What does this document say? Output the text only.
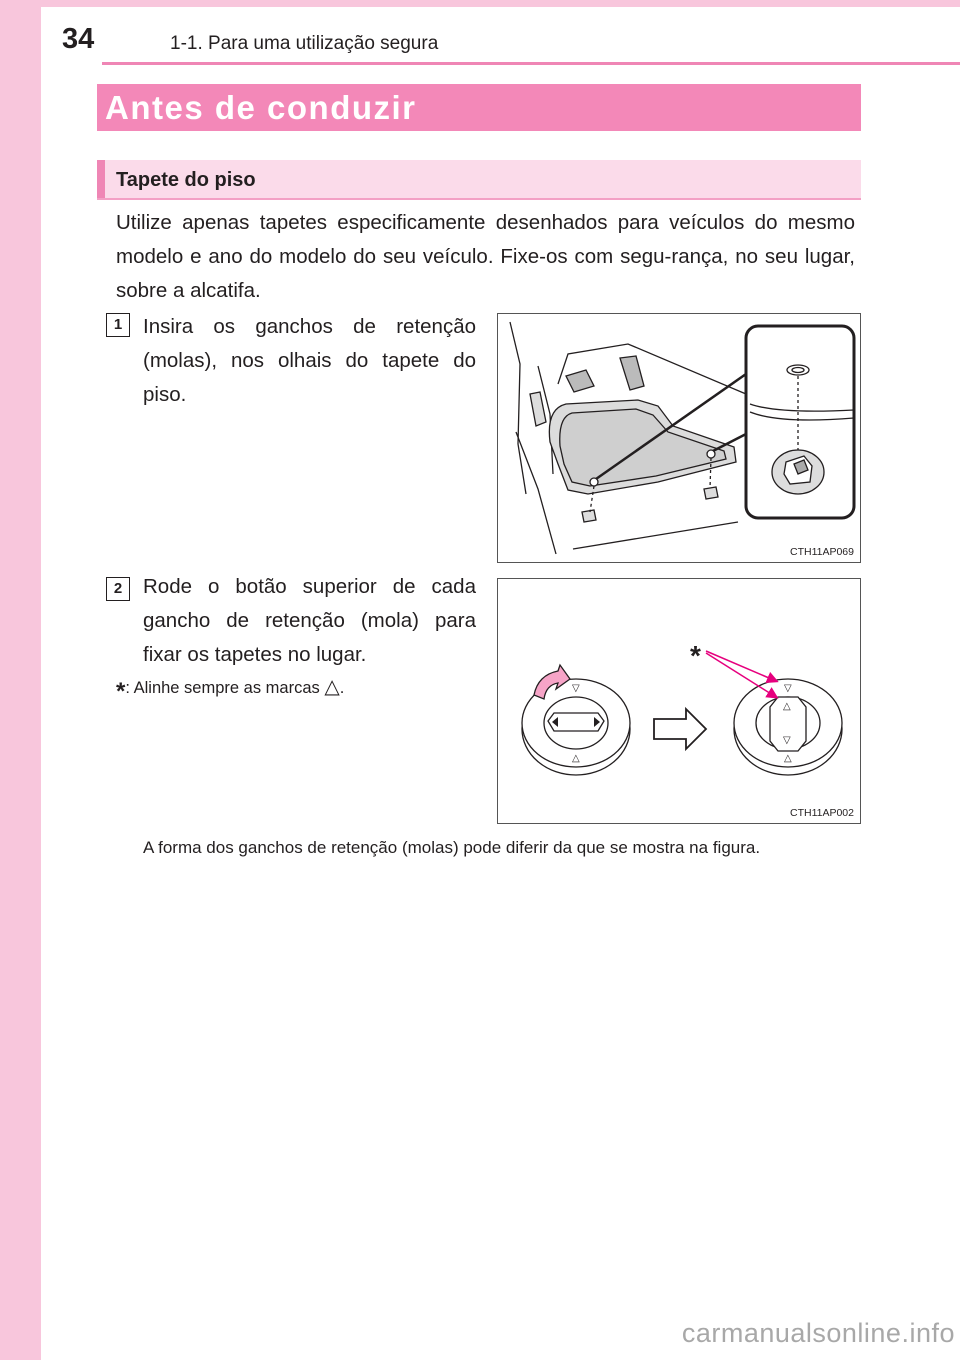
34	1-1. Para uma utilização segura
Antes de conduzir
Tapete do piso

Utilize apenas tapetes especificamente desenhados para veículos do mesmo modelo e ano do modelo do seu veículo. Fixe-os com segu-rança, no seu lugar, sobre a alcatifa.

1	Insira os ganchos de retenção (molas), nos olhais do tapete do piso.

CTH11AP069
2	Rode o botão superior de cada gancho de retenção (mola) para fixar os tapetes no lugar.

*: Alinhe sempre as marcas △.	▽
△
▽
△
▽
△
*
CTH11AP002

A forma dos ganchos de retenção (molas) pode diferir da que se mostra na figura.

carmanualsonline.info
